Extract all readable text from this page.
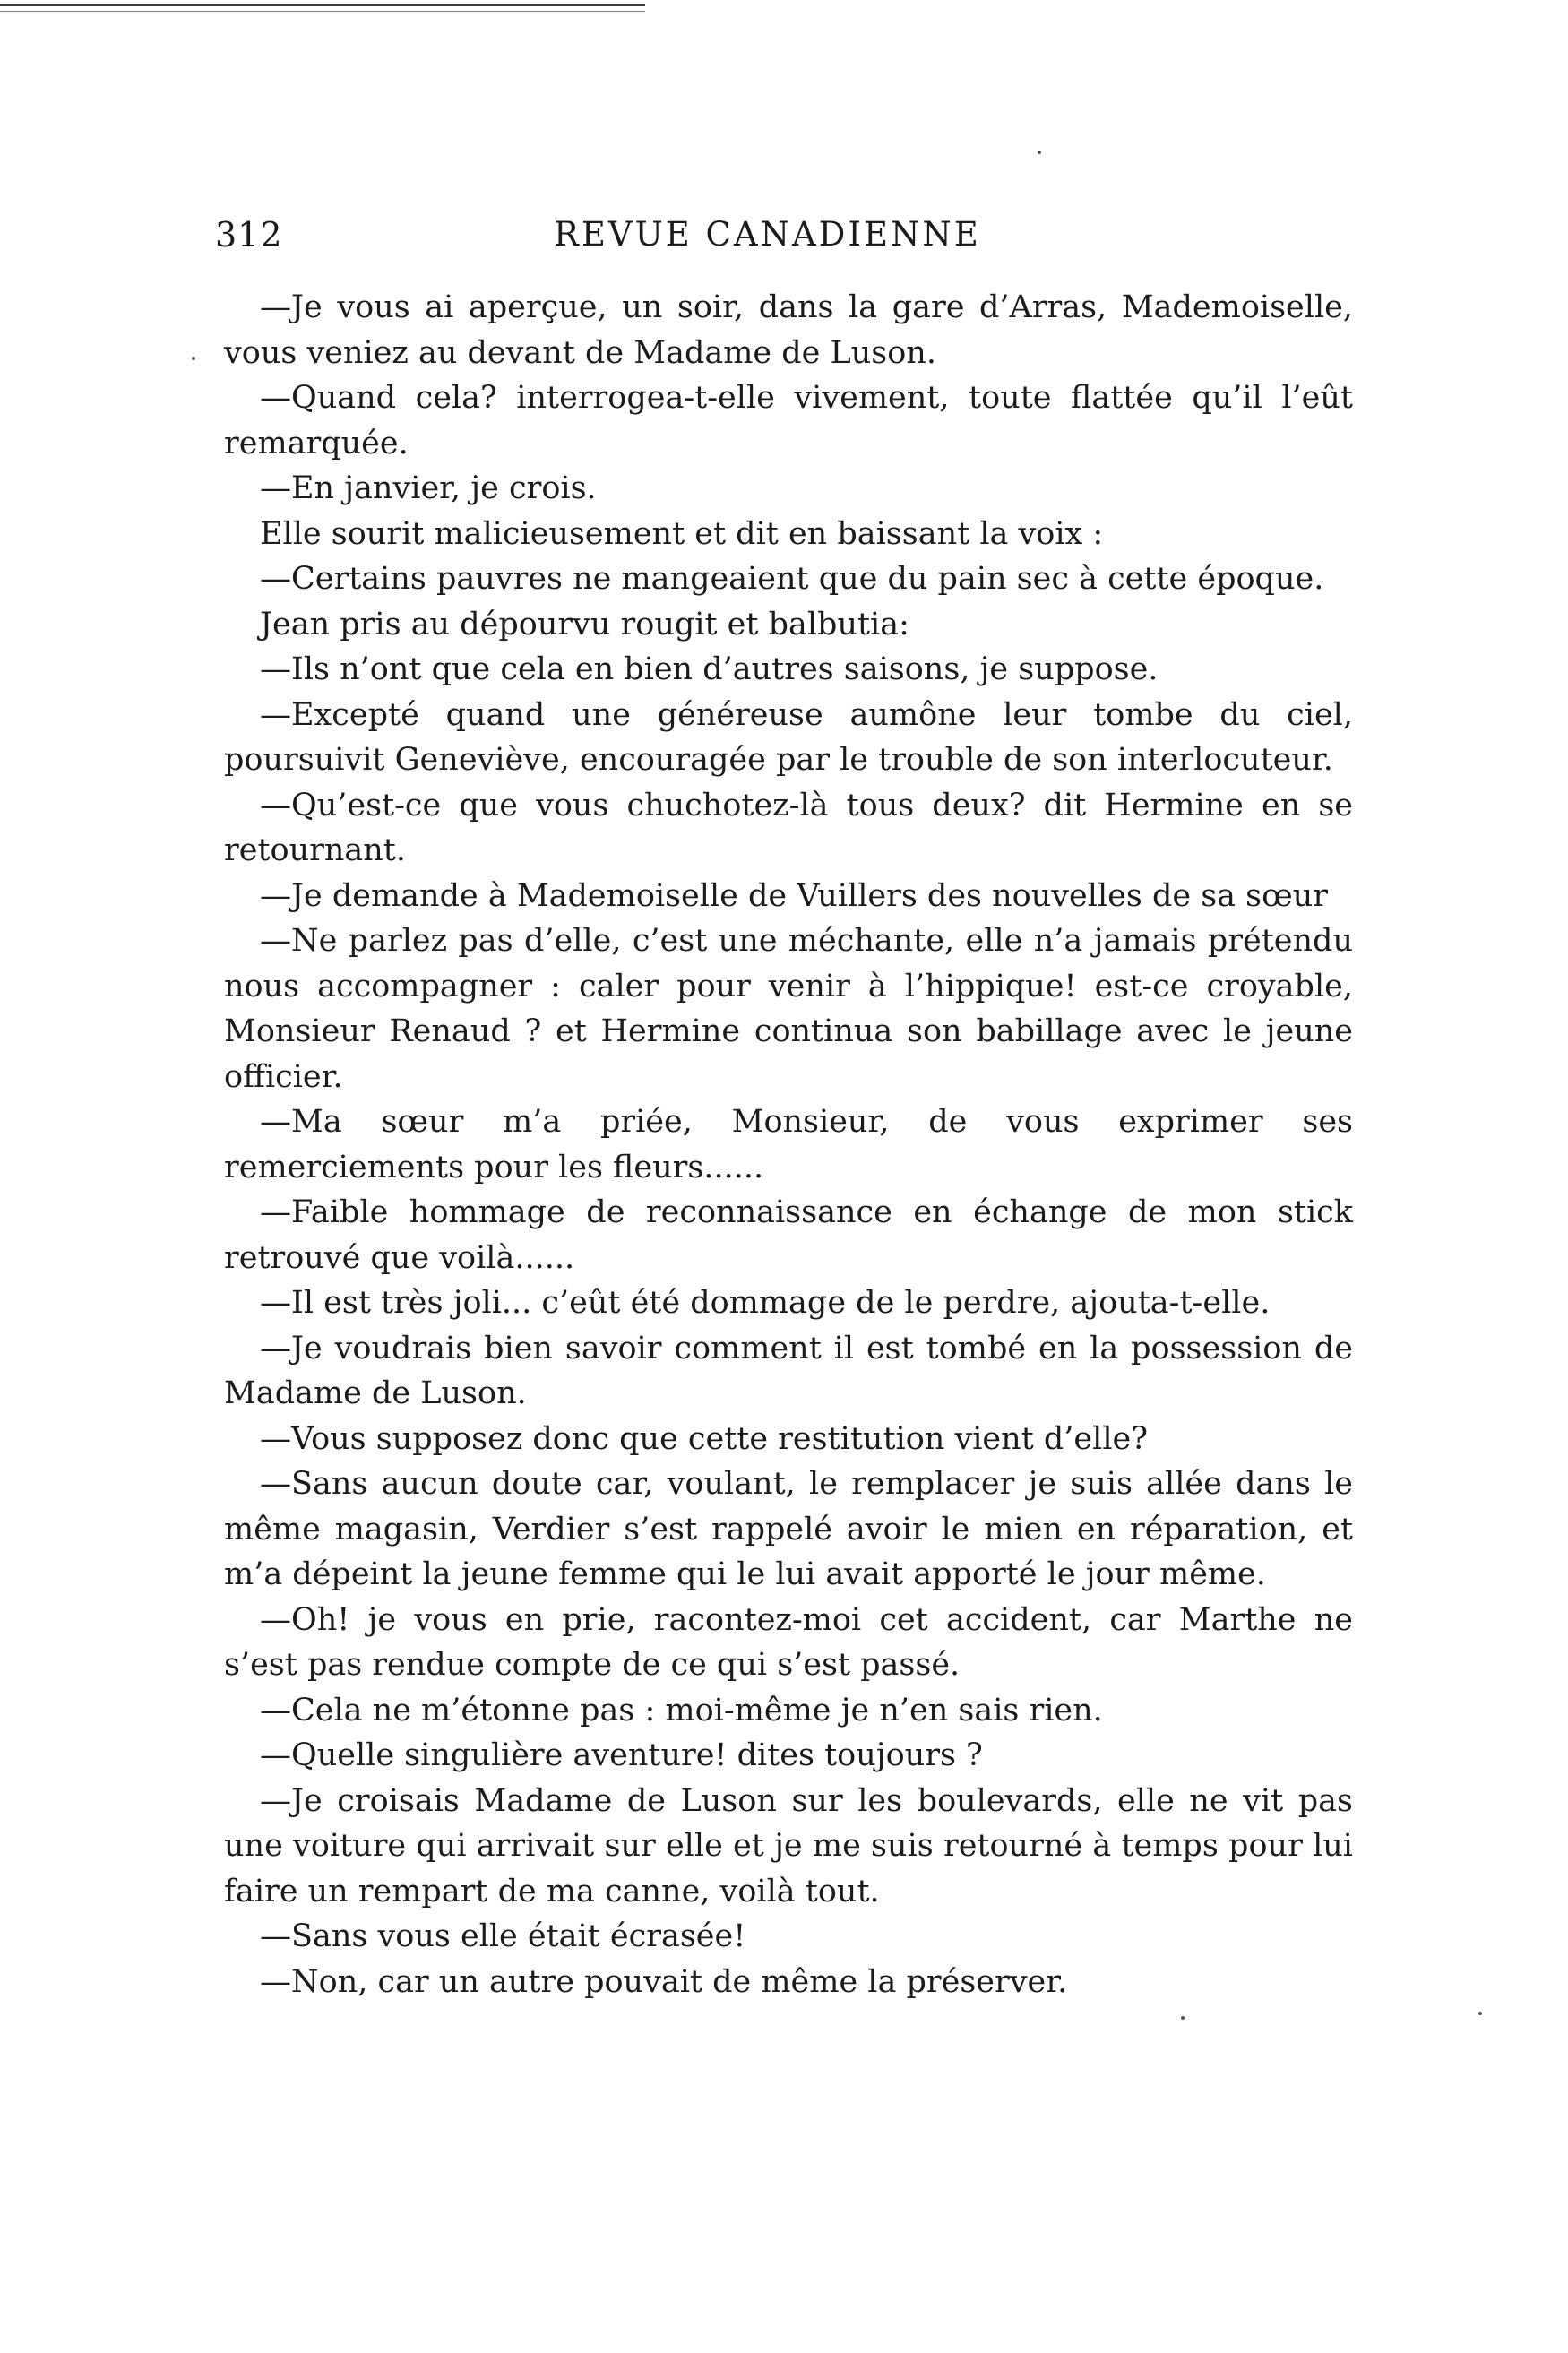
312	REVUE CANADIENNE

—Je vous ai aperçue, un soir, dans la gare d’Arras, Mademoiselle, vous veniez au devant de Madame de Luson.

—Quand cela? interrogea-t-elle vivement, toute flattée qu’il l’eût remarquée.

—En janvier, je crois.

Elle sourit malicieusement et dit en baissant la voix :

—Certains pauvres ne mangeaient que du pain sec à cette époque.

Jean pris au dépourvu rougit et balbutia:

—Ils n’ont que cela en bien d’autres saisons, je suppose.

—Excepté quand une généreuse aumône leur tombe du ciel, poursuivit Geneviève, encouragée par le trouble de son interlocuteur.

—Qu’est-ce que vous chuchotez-là tous deux? dit Hermine en se retournant.

—Je demande à Mademoiselle de Vuillers des nouvelles de sa sœur

—Ne parlez pas d’elle, c’est une méchante, elle n’a jamais prétendu nous accompagner : caler pour venir à l’hippique! est-ce croyable, Monsieur Renaud ? et Hermine continua son babillage avec le jeune officier.

—Ma sœur m’a priée, Monsieur, de vous exprimer ses remerciements pour les fleurs......

—Faible hommage de reconnaissance en échange de mon stick retrouvé que voilà......

—Il est très joli... c’eût été dommage de le perdre, ajouta-t-elle.

—Je voudrais bien savoir comment il est tombé en la possession de Madame de Luson.

—Vous supposez donc que cette restitution vient d’elle?

—Sans aucun doute car, voulant, le remplacer je suis allée dans le même magasin, Verdier s’est rappelé avoir le mien en réparation, et m’a dépeint la jeune femme qui le lui avait apporté le jour même.

—Oh! je vous en prie, racontez-moi cet accident, car Marthe ne s’est pas rendue compte de ce qui s’est passé.

—Cela ne m’étonne pas : moi-même je n’en sais rien.

—Quelle singulière aventure! dites toujours ?

—Je croisais Madame de Luson sur les boulevards, elle ne vit pas une voiture qui arrivait sur elle et je me suis retourné à temps pour lui faire un rempart de ma canne, voilà tout.

—Sans vous elle était écrasée!

—Non, car un autre pouvait de même la préserver.
